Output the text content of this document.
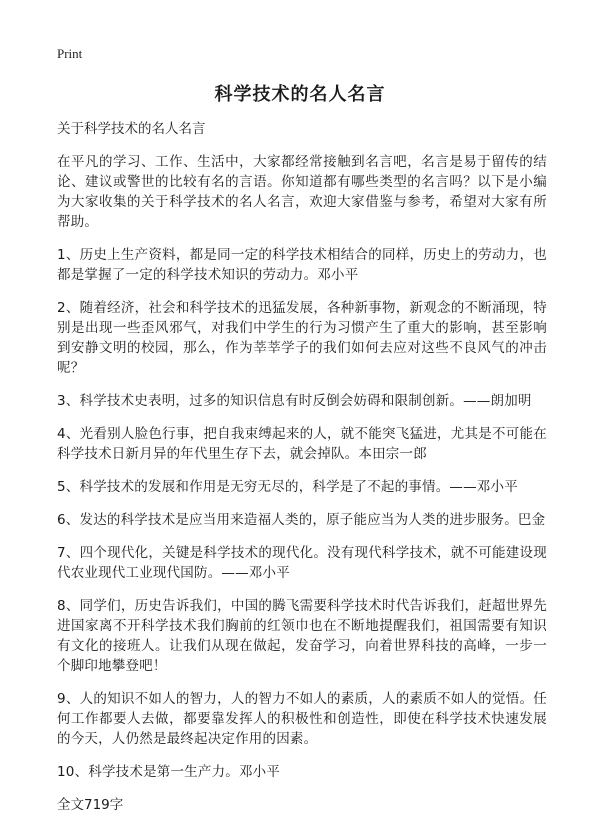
Print
科学技术的名人名言

关于科学技术的名人名言

在平凡的学习、工作、生活中，大家都经常接触到名言吧，名言是易于留传的结论、建议或警世的比较有名的言语。你知道都有哪些类型的名言吗？以下是小编为大家收集的关于科学技术的名人名言，欢迎大家借鉴与参考，希望对大家有所帮助。

1、历史上生产资料，都是同一定的科学技术相结合的同样，历史上的劳动力，也都是掌握了一定的科学技术知识的劳动力。邓小平

2、随着经济，社会和科学技术的迅猛发展，各种新事物，新观念的不断涌现，特别是出现一些歪风邪气，对我们中学生的行为习惯产生了重大的影响，甚至影响到安静文明的校园，那么，作为莘莘学子的我们如何去应对这些不良风气的冲击呢？

3、科学技术史表明，过多的知识信息有时反倒会妨碍和限制创新。——朗加明

4、光看别人脸色行事，把自我束缚起来的人，就不能突飞猛进，尤其是不可能在科学技术日新月异的年代里生存下去，就会掉队。本田宗一郎

5、科学技术的发展和作用是无穷无尽的，科学是了不起的事情。——邓小平

6、发达的科学技术是应当用来造福人类的，原子能应当为人类的进步服务。巴金

7、四个现代化，关键是科学技术的现代化。没有现代科学技术，就不可能建设现代农业现代工业现代国防。——邓小平

8、同学们，历史告诉我们，中国的腾飞需要科学技术时代告诉我们，赶超世界先进国家离不开科学技术我们胸前的红领巾也在不断地提醒我们，祖国需要有知识有文化的接班人。让我们从现在做起，发奋学习，向着世界科技的高峰，一步一个脚印地攀登吧！

9、人的知识不如人的智力，人的智力不如人的素质，人的素质不如人的觉悟。任何工作都要人去做，都要靠发挥人的积极性和创造性，即使在科学技术快速发展的今天，人仍然是最终起决定作用的因素。

10、科学技术是第一生产力。邓小平

全文719字
